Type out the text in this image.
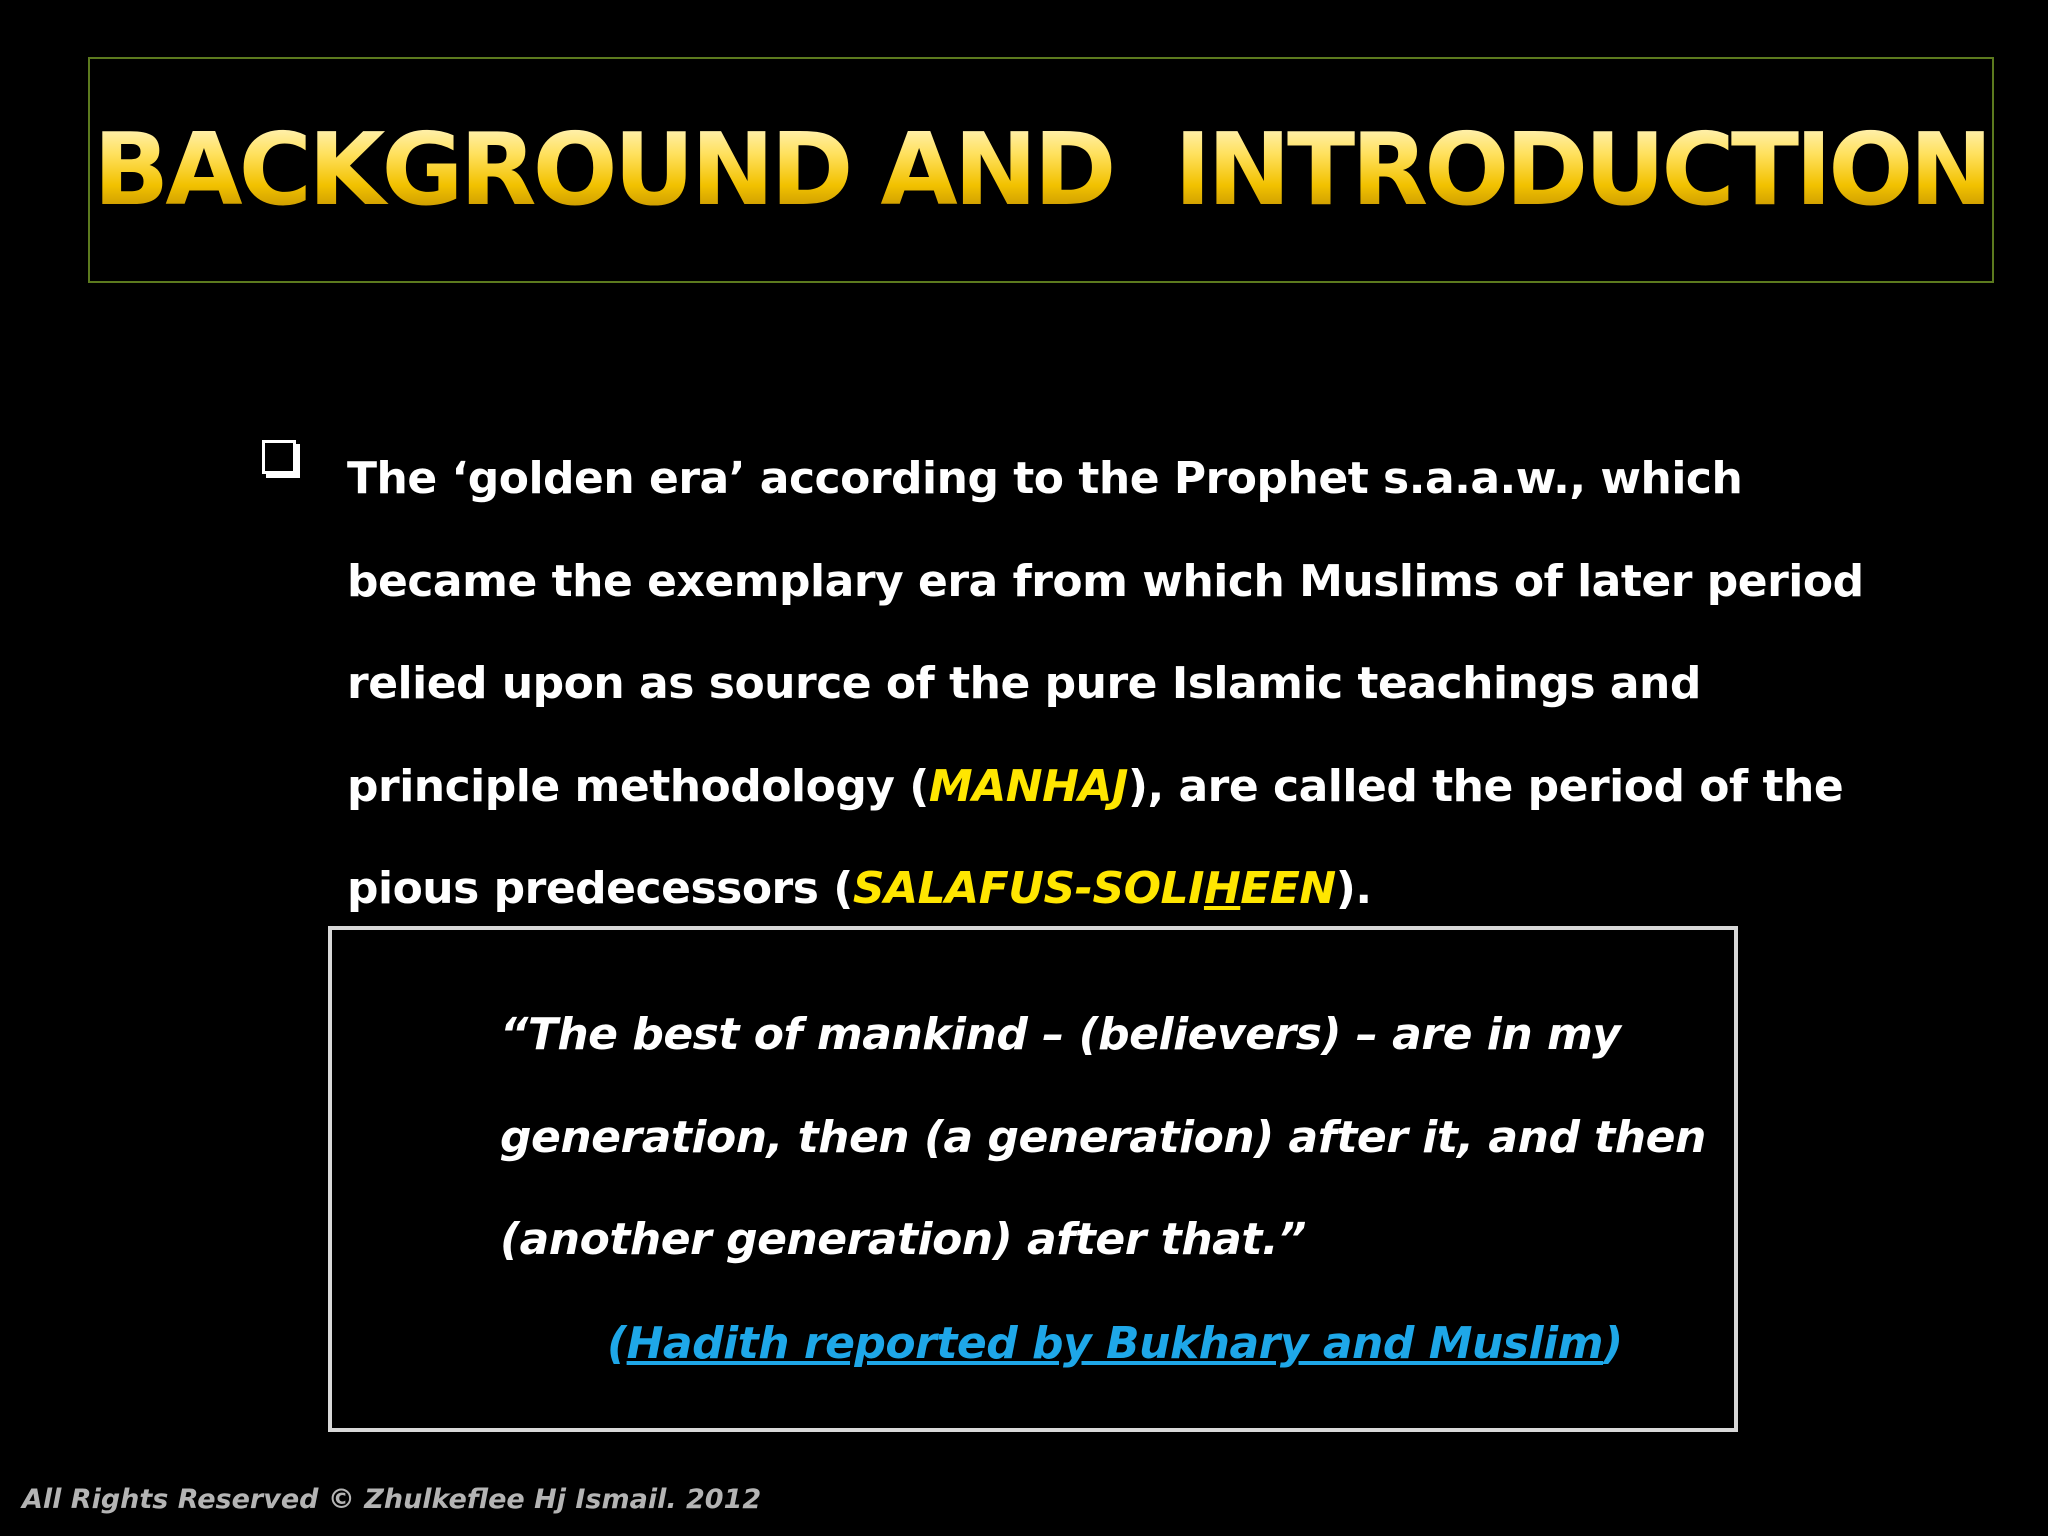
BACKGROUND AND INTRODUCTION
The ‘golden era’ according to the Prophet s.a.a.w., which
became the exemplary era from which Muslims of later period
relied upon as source of the pure Islamic teachings and
principle methodology (MANHAJ), are called the period of the
pious predecessors (SALAFUS-SOLIHEEN).
“The best of mankind – (believers) – are in my
generation, then (a generation) after it, and then
(another generation) after that.”
(Hadith reported by Bukhary and Muslim)
All Rights Reserved © Zhulkeflee Hj Ismail. 2012
